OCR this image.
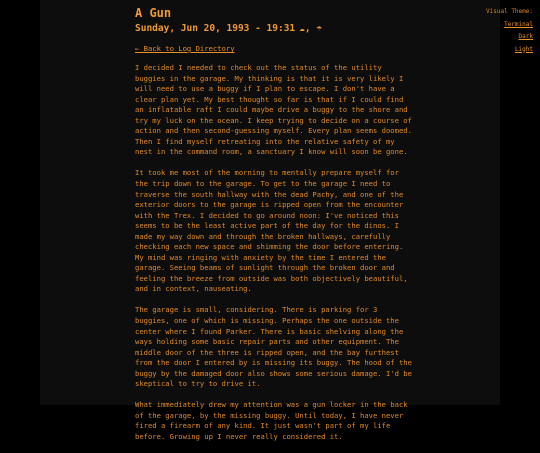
A Gun
Sunday, Jun 20, 1993 - 19:31 ☁︎, ☂︎
← Back to Log Directory

I decided I needed to check out the status of the utility
buggies in the garage. My thinking is that it is very likely I
will need to use a buggy if I plan to escape. I don't have a
clear plan yet. My best thought so far is that if I could find
an inflatable raft I could maybe drive a buggy to the shore and
try my luck on the ocean. I keep trying to decide on a course of
action and then second-guessing myself. Every plan seems doomed.
Then I find myself retreating into the relative safety of my
nest in the command room, a sanctuary I know will soon be gone.

It took me most of the morning to mentally prepare myself for
the trip down to the garage. To get to the garage I need to
traverse the south hallway with the dead Pachy, and one of the
exterior doors to the garage is ripped open from the encounter
with the Trex. I decided to go around noon: I've noticed this
seems to be the least active part of the day for the dinos. I
made my way down and through the broken hallways, carefully
checking each new space and shimming the door before entering.
My mind was ringing with anxiety by the time I entered the
garage. Seeing beams of sunlight through the broken door and
feeling the breeze from outside was both objectively beautiful,
and in context, nauseating.

The garage is small, considering. There is parking for 3
buggies, one of which is missing. Perhaps the one outside the
center where I found Parker. There is basic shelving along the
ways holding some basic repair parts and other equipment. The
middle door of the three is ripped open, and the bay furthest
from the door I entered by is missing its buggy. The hood of the
buggy by the damaged door also shows some serious damage. I'd be
skeptical to try to drive it.

What immediately drew my attention was a gun locker in the back
of the garage, by the missing buggy. Until today, I have never
fired a firearm of any kind. It just wasn't part of my life
before. Growing up I never really considered it.

Visual Theme:
Terminal
Dark
Light
